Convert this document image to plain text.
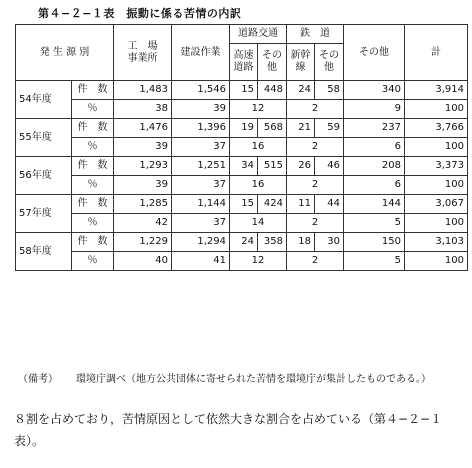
第４−２−１表　振動に係る苦情の内訳
発 生 源 別		工　場
事業所	建設作業	道路交通		鉄　道		その他	計
				高速道路	その他	新幹線	その他		
54年度	件　数	1,483	1,546	15	448	24	58	340	3,914
	％	38	39	12		2		9	100
55年度	件　数	1,476	1,396	19	568	21	59	237	3,766
	％	39	37	16		2		6	100
56年度	件　数	1,293	1,251	34	515	26	46	208	3,373
	％	39	37	16		2		6	100
57年度	件　数	1,285	1,144	15	424	11	44	144	3,067
	％	42	37	14		2		5	100
58年度	件　数	1,229	1,294	24	358	18	30	150	3,103
	％	40	41	12		2		5	100
（備考） 環境庁調べ（地方公共団体に寄せられた苦情を環境庁が集計したものである。）
８割を占めており，苦情原因として依然大きな割合を占めている（第４−２−１表）。
